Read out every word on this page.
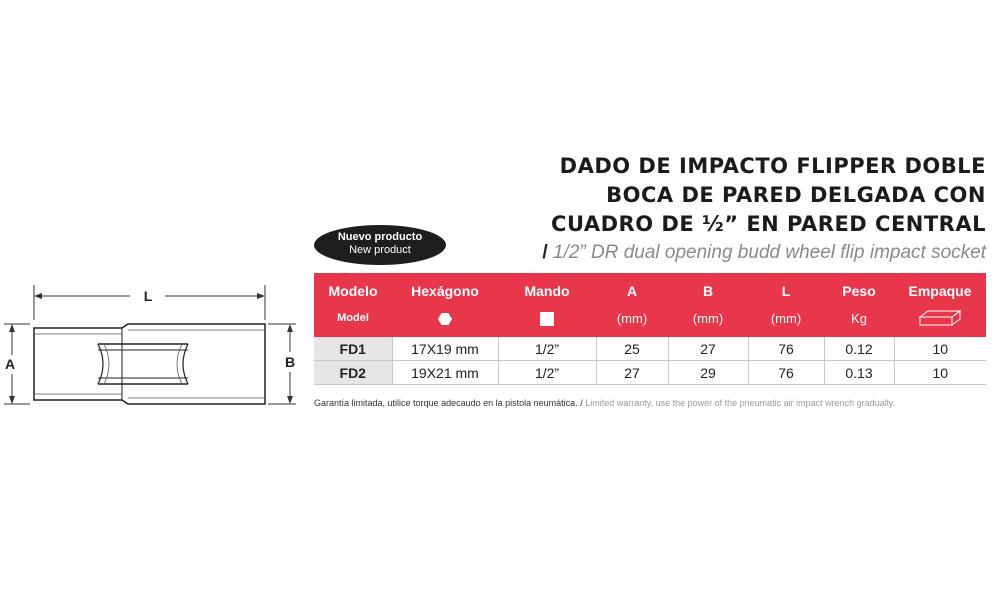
L
A	B
DADO DE IMPACTO FLIPPER DOBLE
BOCA DE PARED DELGADA CON
CUADRO DE ½” EN PARED CENTRAL
/ 1/2” DR dual opening budd wheel flip impact socket
Nuevo producto
New product
Modelo	Hexágono	Mando	A	B	L	Peso	Empaque
Model			(mm)	(mm)	(mm)	Kg	
FD1	17X19 mm	1/2”	25	27	76	0.12	10
FD2	19X21 mm	1/2”	27	29	76	0.13	10
Garantía limitada, utilice torque adecaudo en la pistola neumática. / Limited warranty, use the power of the pneumatic air impact wrench gradually.
